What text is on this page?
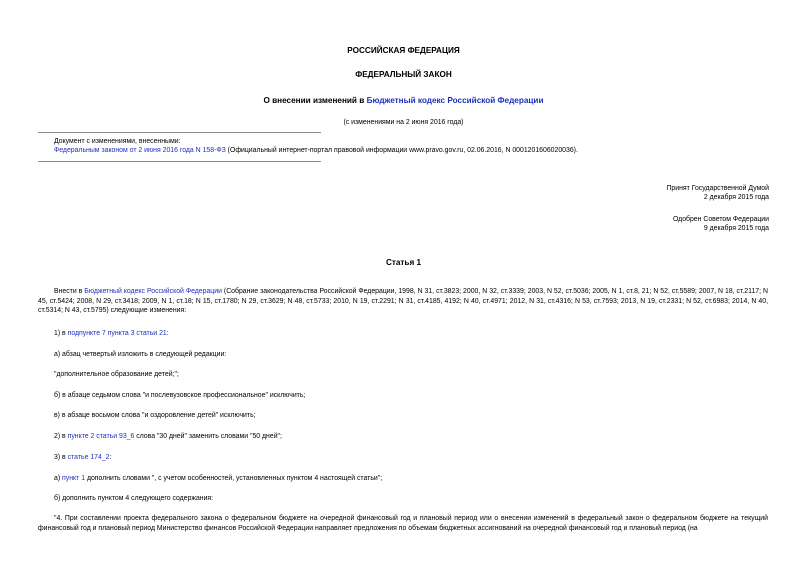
РОССИЙСКАЯ ФЕДЕРАЦИЯ
ФЕДЕРАЛЬНЫЙ ЗАКОН
О внесении изменений в Бюджетный кодекс Российской Федерации
(с изменениями на 2 июня 2016 года)
Документ с изменениями, внесенными:
Федеральным законом от 2 июня 2016 года N 158-ФЗ (Официальный интернет-портал правовой информации www.pravo.gov.ru, 02.06.2016, N 0001201606020036).
Принят Государственной Думой
2 декабря 2015 года
Одобрен Советом Федерации
9 декабря 2015 года
Статья 1
Внести в Бюджетный кодекс Российской Федерации (Собрание законодательства Российской Федерации, 1998, N 31, ст.3823; 2000, N 32, ст.3339; 2003, N 52, ст.5036; 2005, N 1, ст.8, 21; N 52, ст.5589; 2007, N 18, ст.2117; N 45, ст.5424; 2008, N 29, ст.3418; 2009, N 1, ст.18; N 15, ст.1780; N 29, ст.3629; N 48, ст.5733; 2010, N 19, ст.2291; N 31, ст.4185, 4192; N 40, ст.4971; 2012, N 31, ст.4316; N 53, ст.7593; 2013, N 19, ст.2331; N 52, ст.6983; 2014, N 40, ст.5314; N 43, ст.5795) следующие изменения:
1) в подпункте 7 пункта 3 статьи 21:
а) абзац четвертый изложить в следующей редакции:
"дополнительное образование детей;";
б) в абзаце седьмом слова "и послевузовское профессиональное" исключить;
в) в абзаце восьмом слова "и оздоровление детей" исключить;
2) в пункте 2 статьи 93_6 слова "30 дней" заменить словами "50 дней";
3) в статье 174_2:
а) пункт 1 дополнить словами ", с учетом особенностей, установленных пунктом 4 настоящей статьи";
б) дополнить пунктом 4 следующего содержания:
"4. При составлении проекта федерального закона о федеральном бюджете на очередной финансовый год и плановый период или о внесении изменений в федеральный закон о федеральном бюджете на текущий финансовый год и плановый период Министерство финансов Российской Федерации направляет предложения по объемам бюджетных ассигнований на очередной финансовый год и плановый период (на
